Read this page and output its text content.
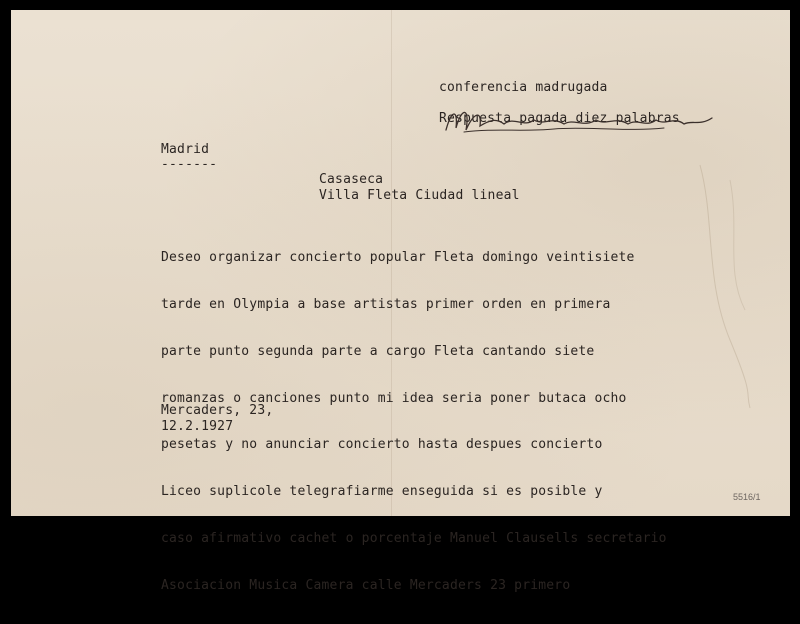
conferencia madrugada
Respuesta pagada diez palabras
Madrid
-------
Casaseca
Villa Fleta Ciudad lineal

Deseo organizar concierto popular Fleta domingo veintisiete

tarde en Olympia a base artistas primer orden en primera

parte punto segunda parte a cargo Fleta cantando siete

romanzas o canciones punto mi idea seria poner butaca ocho

pesetas y no anunciar concierto hasta despues concierto

Liceo suplicole telegrafiarme enseguida si es posible y

caso afirmativo cachet o porcentaje Manuel Clausells secretario

Asociacion Musica Camera calle Mercaders 23 primero

Mercaders, 23,
12.2.1927
5516/1
